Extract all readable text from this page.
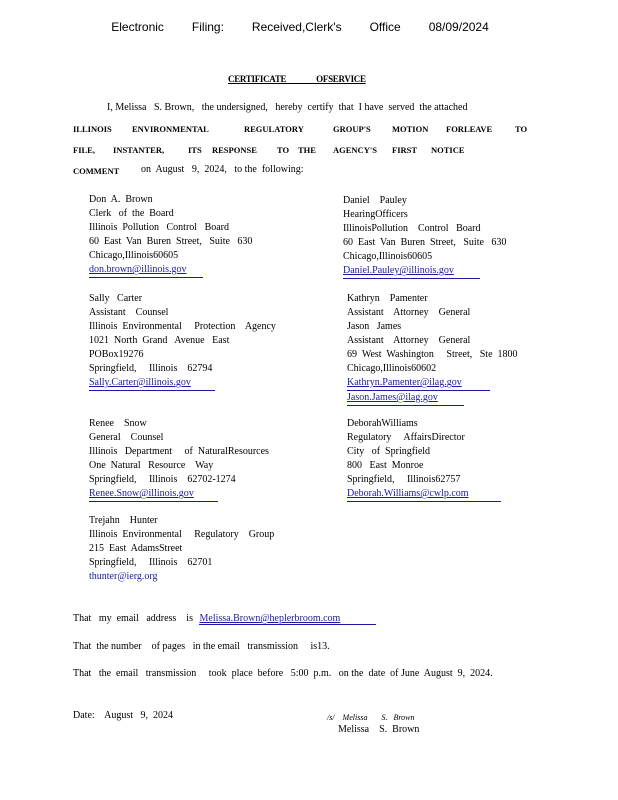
Electronic   Filing:   Received,Clerk's   Office   08/09/2024
CERTIFICATE OFSERVICE
I, Melissa   S. Brown,   the undersigned,   hereby  certify  that  I have  served  the attached
ILLINOIS ENVIRONMENTAL	REGULATORY	GROUP'S MOTION FORLEAVE	TO
FILE, INSTANTER,	ITS RESPONSE TO THE AGENCY'S FIRST NOTICE
COMMENT on  August   9,  2024,   to the  following:
Don  A.  Brown
Clerk   of  the  Board
Illinois  Pollution   Control   Board
60  East  Van  Buren  Street,   Suite   630
Chicago,Illinois60605
don.brown@illinois.gov
Daniel    Pauley
HearingOfficers
IllinoisPollution    Control   Board
60  East  Van  Buren  Street,   Suite   630
Chicago,Illinois60605
Daniel.Pauley@illinois.gov
Sally   Carter
Assistant    Counsel
Illinois  Environmental     Protection    Agency
1021  North  Grand   Avenue   East
POBox19276
Springfield,     Illinois    62794
Sally.Carter@illinois.gov
Kathryn    Pamenter
Assistant    Attorney    General
Jason   James
Assistant    Attorney    General
69  West  Washington     Street,   Ste  1800
Chicago,Illinois60602
Kathryn.Pamenter@ilag.gov
Jason.James@ilag.gov
Renee    Snow
General    Counsel
Illinois   Department     of  NaturalResources
One  Natural   Resource    Way
Springfield,     Illinois    62702-1274
Renee.Snow@illinois.gov
DeborahWilliams
Regulatory     AffairsDirector
City   of  Springfield
800   East  Monroe
Springfield,     Illinois62757
Deborah.Williams@cwlp.com
Trejahn    Hunter
Illinois  Environmental     Regulatory    Group
215  East  AdamsStreet
Springfield,     Illinois    62701
thunter@ierg.org
That   my  email   address    is Melissa.Brown@heplerbroom.com
That  the number    of pages   in the email   transmission     is13.
That   the  email   transmission     took  place  before   5:00  p.m.   on the  date  of June  August  9,  2024.
Date:    August   9,  2024	/s/    Melissa       S.   Brown
Melissa    S.  Brown
